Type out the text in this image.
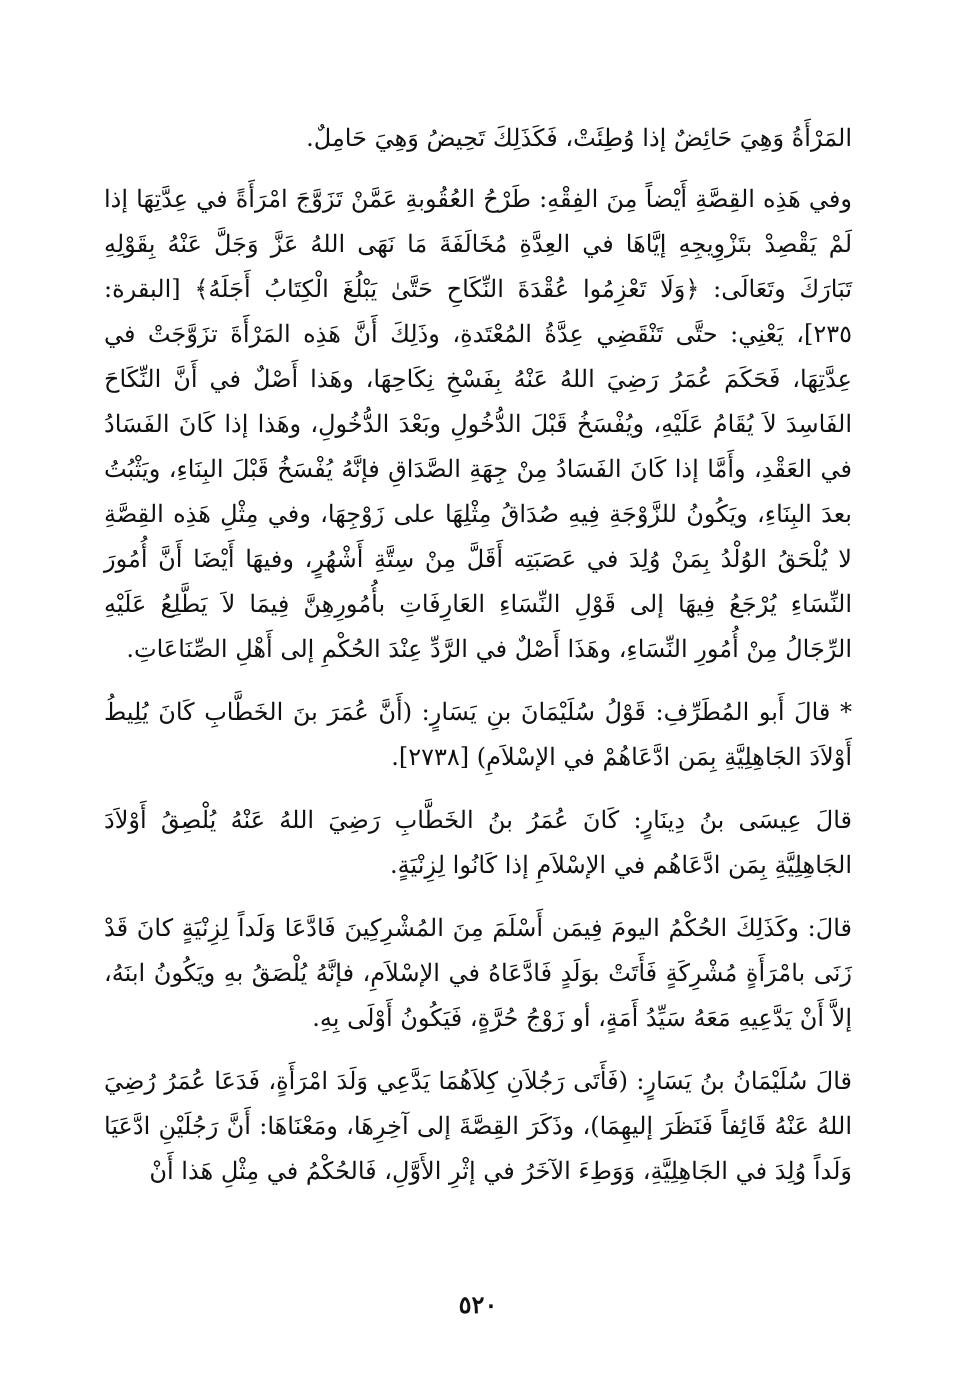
المَرْأَةُ وَهِيَ حَائِضٌ إذا وُطِئَتْ، فَكَذَلِكَ تَحِيضُ وَهِيَ حَامِلٌ.

وفي هَذِه القِصَّةِ أَيْضاً مِنَ الفِقْهِ: طَرْحُ العُقُوبةِ عَمَّنْ تَزَوَّجَ امْرَأَةً في عِدَّتِهَا إذا لَمْ يَقْصِدْ بتَزْوِيجِهِ إيَّاهَا في العِدَّةِ مُخَالَفَةَ مَا نَهَى اللهُ عَزَّ وَجَلَّ عَنْهُ بِقَوْلِهِ تَبَارَكَ وتَعَالَى: ﴿وَلَا تَعْزِمُوا عُقْدَةَ النِّكَاحِ حَتَّىٰ يَبْلُغَ الْكِتَابُ أَجَلَهُ﴾ [البقرة: ٢٣٥]، يَعْنِي: حتَّى تَنْقَضِي عِدَّةُ المُعْتَدةِ، وذَلِكَ أَنَّ هَذِه المَرْأَةَ تزَوَّجَتْ في عِدَّتِهَا، فَحَكَمَ عُمَرُ رَضِيَ اللهُ عَنْهُ بِفَسْخِ نِكَاحِهَا، وهَذا أَصْلٌ في أَنَّ النِّكَاحَ الفَاسِدَ لاَ يُقَامُ عَلَيْهِ، ويُفْسَخُ قَبْلَ الدُّخُولِ وبَعْدَ الدُّخُولِ، وهَذا إذا كَانَ الفَسَادُ في العَقْدِ، وأَمَّا إذا كَانَ الفَسَادُ مِنْ جِهَةِ الصَّدَاقِ فإنَّهُ يُفْسَخُ قَبْلَ البِنَاءِ، ويَثْبُتُ بعدَ البِنَاءِ، ويَكُونُ للزَّوْجَةِ فِيهِ صُدَاقُ مِثْلِهَا على زَوْجِهَا، وفي مِثْلِ هَذِه القِصَّةِ لا يُلْحَقُ الوُلْدُ بِمَنْ وُلِدَ في عَصَبَتِه أَقَلَّ مِنْ سِتَّةِ أَشْهُرٍ، وفيهَا أَيْضَا أَنَّ أُمُورَ النِّسَاءِ يُرْجَعُ فِيهَا إلى قَوْلِ النِّسَاءِ العَارِفَاتِ بأُمُورِهِنَّ فِيمَا لاَ يَطَّلِعُ عَلَيْهِ الرِّجَالُ مِنْ أُمُورِ النِّسَاءِ، وهَذَا أَصْلٌ في الرَّدِّ عِنْدَ الحُكْمِ إلى أَهْلِ الصِّنَاعَاتِ.

* قالَ أَبو المُطَرِّفِ: قَوْلُ سُلَيْمَانَ بنِ يَسَارٍ: (أَنَّ عُمَرَ بنَ الخَطَّابِ كَانَ يُلِيطُ أَوْلاَدَ الجَاهِلِيَّةِ بِمَن ادَّعَاهُمْ في الإسْلاَمِ) [٢٧٣٨].

قالَ عِيسَى بنُ دِينَارٍ: كَانَ عُمَرُ بنُ الخَطَّابِ رَضِيَ اللهُ عَنْهُ يُلْصِقُ أَوْلاَدَ الجَاهِلِيَّةِ بِمَن ادَّعَاهُم في الإسْلاَمِ إذا كَانُوا لِزِنْيَةٍ.

قالَ: وكَذَلِكَ الحُكْمُ اليومَ فِيمَن أَسْلَمَ مِنَ المُشْرِكِينَ فَادَّعَا وَلَداً لِزِنْيَةٍ كانَ قَدْ زَنَى بامْرَأَةٍ مُشْرِكَةٍ فَأَتَتْ بوَلَدٍ فَادَّعَاهُ في الإسْلاَمِ، فإنَّهُ يُلْصَقُ بهِ ويَكُونُ ابنَهُ، إلاَّ أَنْ يَدَّعِيهِ مَعَهُ سَيِّدُ أَمَةٍ، أو زَوْجُ حُرَّةٍ، فَيَكُونُ أَوْلَى بِهِ.

قالَ سُلَيْمَانُ بنُ يَسَارٍ: (فَأَتَى رَجُلاَنِ كِلاَهُمَا يَدَّعِي وَلَدَ امْرَأَةٍ، فَدَعَا عُمَرُ رُضِيَ اللهُ عَنْهُ قَائِفاً فَنَظَرَ إليهِمَا)، وذَكَرَ القِصَّةَ إلى آخِرِهَا، ومَعْنَاهَا: أَنَّ رَجُلَيْنِ ادَّعَيَا وَلَداً وُلِدَ في الجَاهِلِيَّةِ، وَوَطِءَ الآخَرُ في إثْرِ الأَوَّلِ، فَالحُكْمُ في مِثْلِ هَذا أَنْ

٥٢٠
